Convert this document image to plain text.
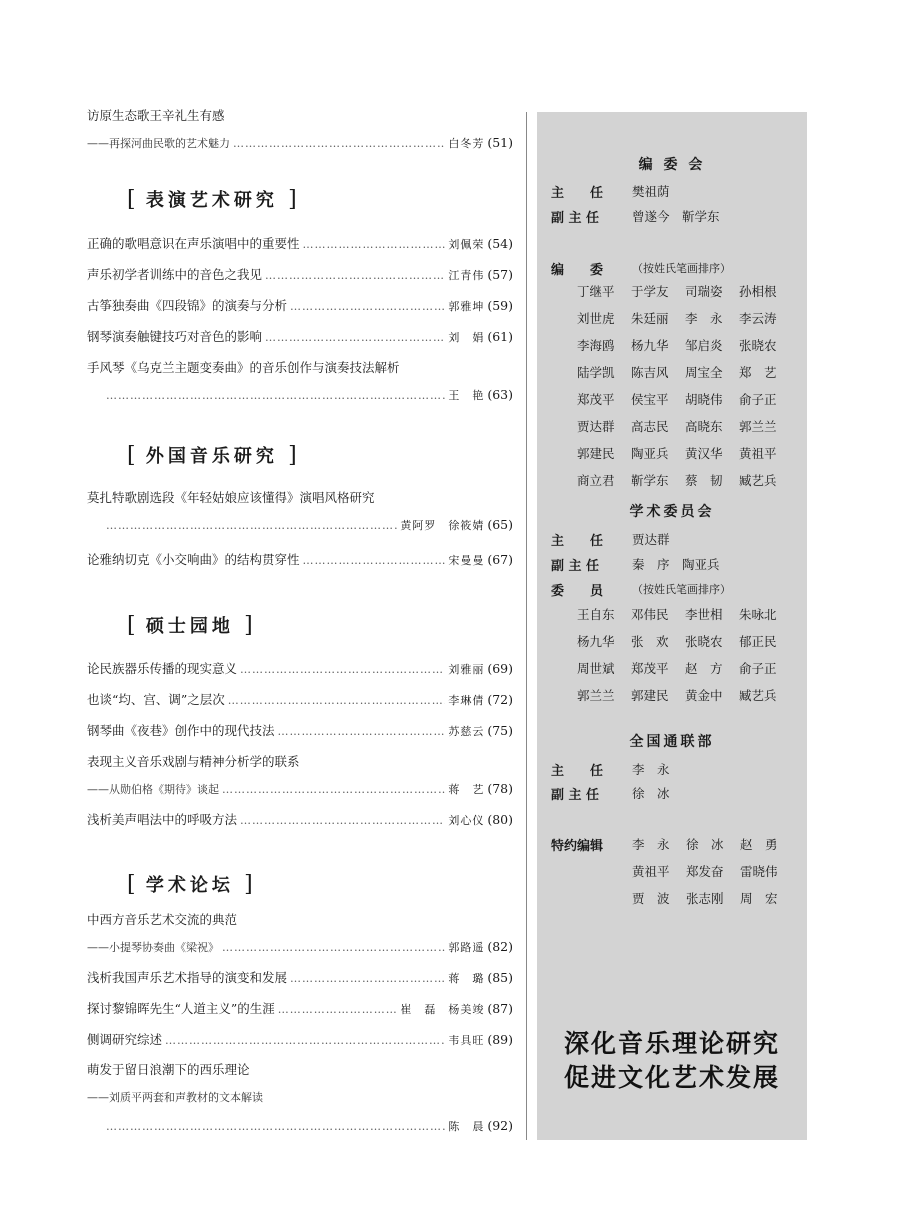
访原生态歌王辛礼生有感
——再探河曲民歌的艺术魅力 ……………………………………………………………………………………………………………………………………	白冬芳 (51)
[ 表演艺术研究 ]
正确的歌唱意识在声乐演唱中的重要性 ……………………………………………………………………………………………………………………………………	刘佩荣 (54)
声乐初学者训练中的音色之我见 ……………………………………………………………………………………………………………………………………	江青伟 (57)
古筝独奏曲《四段锦》的演奏与分析 ……………………………………………………………………………………………………………………………………	郭雅坤 (59)
钢琴演奏触键技巧对音色的影响 ……………………………………………………………………………………………………………………………………	刘　娟 (61)
手风琴《乌克兰主题变奏曲》的音乐创作与演奏技法解析
……………………………………………………………………………………………………………………………………
王　艳 (63)
[ 外国音乐研究 ]
莫扎特歌剧选段《年轻姑娘应该懂得》演唱风格研究
……………………………………………………………………………………………………………………………………
黄阿罗　徐筱婧 (65)
论雅纳切克《小交响曲》的结构贯穿性 ……………………………………………………………………………………………………………………………………	宋曼曼 (67)
[ 硕士园地 ]
论民族器乐传播的现实意义 ……………………………………………………………………………………………………………………………………	刘雅丽 (69)
也谈“均、宫、调”之层次 ……………………………………………………………………………………………………………………………………	李琳倩 (72)
钢琴曲《夜巷》创作中的现代技法 ……………………………………………………………………………………………………………………………………	苏慈云 (75)
表现主义音乐戏剧与精神分析学的联系
——从勋伯格《期待》谈起 ……………………………………………………………………………………………………………………………………	蒋　艺 (78)
浅析美声唱法中的呼吸方法 ……………………………………………………………………………………………………………………………………	刘心仪 (80)
[ 学术论坛 ]
中西方音乐艺术交流的典范
——小提琴协奏曲《梁祝》 ……………………………………………………………………………………………………………………………………	郭路遥 (82)
浅析我国声乐艺术指导的演变和发展 ……………………………………………………………………………………………………………………………………	蒋　璐 (85)
探讨黎锦晖先生“人道主义”的生涯 ……………………………………………………………………………………………………………………………………	崔　磊　杨美竣 (87)
侧调研究综述 ……………………………………………………………………………………………………………………………………	韦具旺 (89)
萌发于留日浪潮下的西乐理论
——刘质平两套和声教材的文本解读
……………………………………………………………………………………………………………………………………
陈　晨 (92)
编 委 会
主　　任 樊祖荫
副 主 任	曾遂今　靳学东
编　　委	（按姓氏笔画排序）
丁继平	于学友	司瑞姿	孙相根
刘世虎	朱廷丽	李　永	李云涛
李海鸥	杨九华	邹启炎	张晓农
陆学凯	陈吉风	周宝全	郑　艺
郑茂平	侯宝平	胡晓伟	俞子正
贾达群	高志民	高晓东	郭兰兰
郭建民	陶亚兵	黄汉华	黄祖平
商立君	靳学东	蔡　韧	臧艺兵
学术委员会
主　　任 贾达群
副 主 任	秦　序　陶亚兵
委　　员	（按姓氏笔画排序）
王自东	邓伟民	李世相	朱咏北
杨九华	张　欢	张晓农	郁正民
周世斌	郑茂平	赵　方	俞子正
郭兰兰	郭建民	黄金中	臧艺兵
全国通联部
主　　任 李　永
副 主 任	徐　冰
特约编辑 李　永	徐　冰	赵　勇
黄祖平	郑发奋	雷晓伟
贾　波	张志刚	周　宏
深化音乐理论研究
促进文化艺术发展
